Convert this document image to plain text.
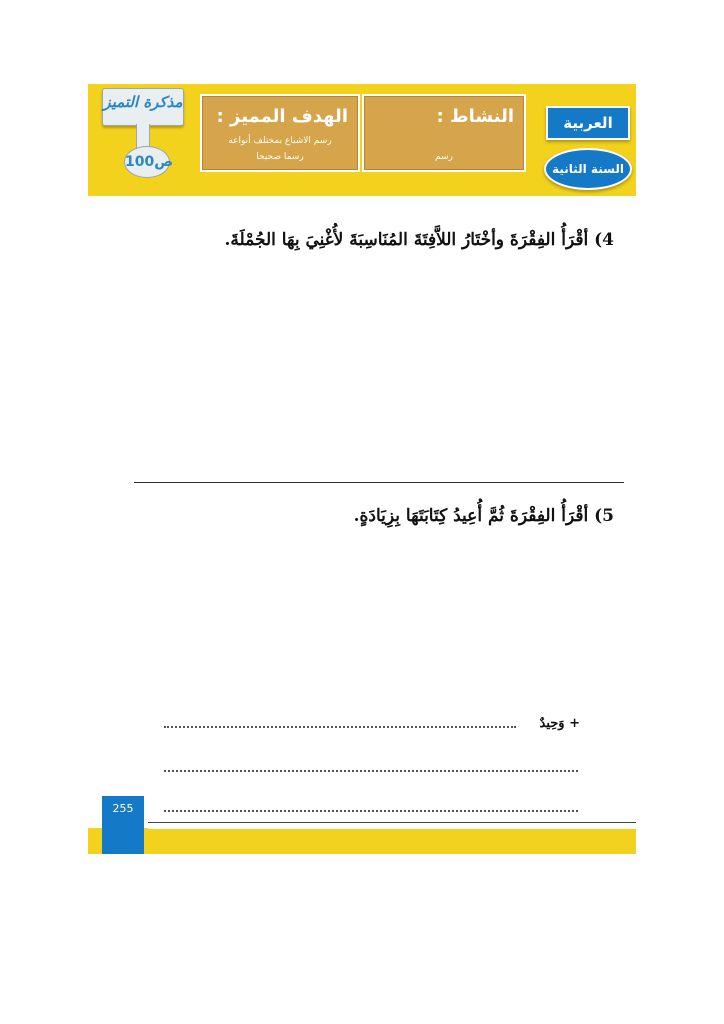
مذكرة التميز
ص100
الهدف المميز :
رسم الاشباع بمختلف أنواعه
رسما صحيحا
النشاط :
رسم
العربية
السنة الثانية
4) أقْرَأُ الفِقْرَةَ وأخْتَارُ اللاَّفِتَةَ المُنَاسِبَةَ لأُغْنِيَ بِهَا الجُمْلَةَ.
5) أقْرَأُ الفِقْرَةَ ثُمَّ أُعِيدُ كِتَابَتَهَا بِزِيَادَةٍ.
+ وَحِيدٌ
255
